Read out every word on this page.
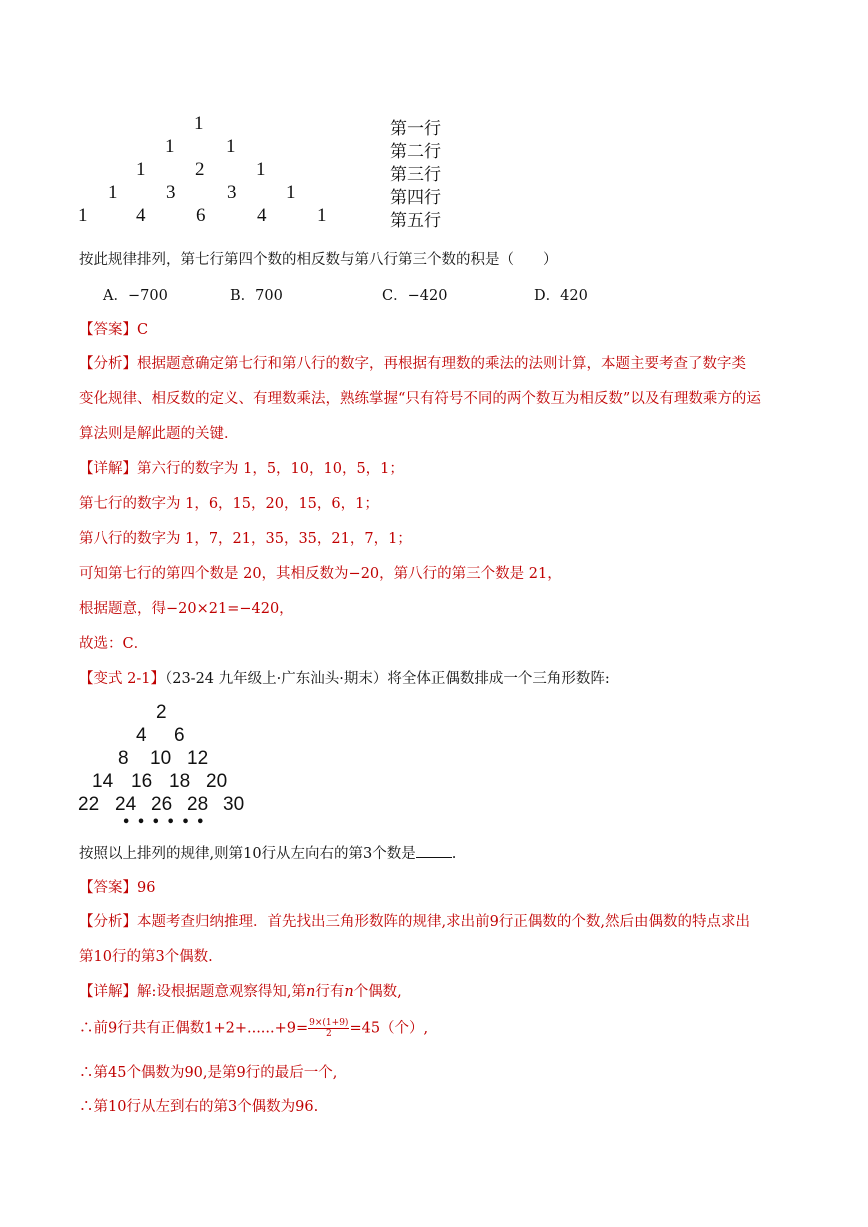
1
1	1
1	2	1
1	3	3	1
1	4	6	4	1
第一行
第二行
第三行
第四行
第五行
按此规律排列，第七行第四个数的相反数与第八行第三个数的积是（　　）
A．−700	B．700	C．−420	D．420
【答案】C
【分析】根据题意确定第七行和第八行的数字，再根据有理数的乘法的法则计算，本题主要考查了数字类
变化规律、相反数的定义、有理数乘法，熟练掌握“只有符号不同的两个数互为相反数”以及有理数乘方的运
算法则是解此题的关键．
【详解】第六行的数字为 1，5，10，10，5，1；
第七行的数字为 1，6，15，20，15，6，1；
第八行的数字为 1，7，21，35，35，21，7，1；
可知第七行的第四个数是 20，其相反数为−20，第八行的第三个数是 21，
根据题意，得−20×21=−420，
故选：C．
【变式 2-1】（23-24 九年级上·广东汕头·期末）将全体正偶数排成一个三角形数阵:
2
4 6
8 10 12
14 16 18 20
22 24 26 28 30
• • • • • •
按照以上排列的规律,则第10行从左向右的第3个数是 .
【答案】96
【分析】本题考查归纳推理．首先找出三角形数阵的规律,求出前9行正偶数的个数,然后由偶数的特点求出
第10行的第3个偶数.
【详解】解:设根据题意观察得知,第n行有n个偶数,
∴前9行共有正偶数$1+2+......+9= \frac{9\times(1+9)}{2} =45$（个）,
∴第45个偶数为90,是第9行的最后一个,
∴第10行从左到右的第3个偶数为96.
